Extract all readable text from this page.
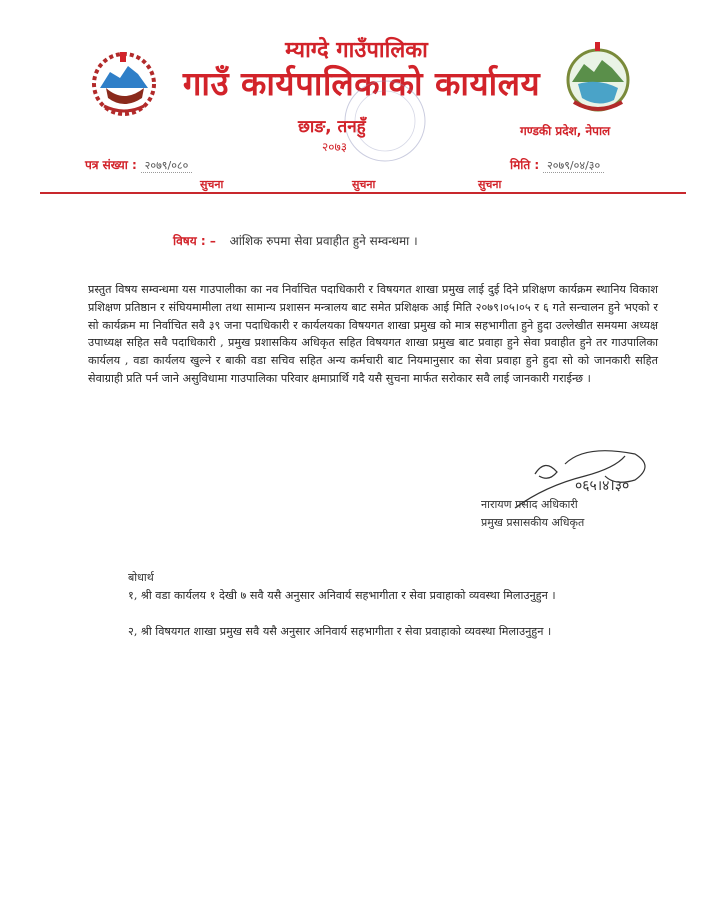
म्याग्दे गाउँपालिका
गाउँ कार्यपालिकाको कार्यालय
छाङ, तनहुँ
२०७३
गण्डकी प्रदेश, नेपाल
पत्र संख्या : २०७९/०८०	मिति : २०७९/०४/३०
सुचना	सुचना	सुचना
विषय : – आंशिक रुपमा सेवा प्रवाहीत हुने सम्वन्धमा ।
प्रस्तुत विषय सम्वन्धमा यस गाउपालीका का नव निर्वाचित पदाधिकारी र विषयगत शाखा प्रमुख लाई दुई दिने प्रशिक्षण कार्यक्रम स्थानिय विकाश प्रशिक्षण प्रतिष्ठान र संघियमामीला तथा सामान्य प्रशासन मन्त्रालय बाट समेत प्रशिक्षक आई मिति २०७९।०५।०५ र ६ गते सन्चालन हुने भएको र सो कार्यक्रम मा निर्वाचित सवै ३९ जना पदाधिकारी र कार्यलयका विषयगत शाखा प्रमुख को मात्र सहभागीता हुने हुदा उल्लेखीत समयमा अध्यक्ष उपाध्यक्ष सहित सवै पदाधिकारी , प्रमुख प्रशासकिय अधिकृत सहित विषयगत शाखा प्रमुख बाट प्रवाहा हुने सेवा प्रवाहीत हुने तर गाउपालिका कार्यलय , वडा कार्यलय खुल्ने र बाकी वडा सचिव सहित अन्य कर्मचारी बाट नियमानुसार का सेवा प्रवाहा हुने हुदा सो को जानकारी सहित सेवाग्राही प्रति पर्न जाने असुविधामा गाउपालिका परिवार क्षमाप्रार्थि गदै यसै सुचना मार्फत सरोकार सवै लाई जानकारी गराईन्छ ।
०६५।४।३०
नारायण प्रसाद अधिकारी
प्रमुख प्रसासकीय अधिकृत
बोधार्थ
१, श्री वडा कार्यलय १ देखी ७ सवै यसै अनुसार अनिवार्य सहभागीता र सेवा प्रवाहाको व्यवस्था मिलाउनुहुन ।
२, श्री विषयगत शाखा प्रमुख सवै यसै अनुसार अनिवार्य सहभागीता र सेवा प्रवाहाको व्यवस्था मिलाउनुहुन ।
